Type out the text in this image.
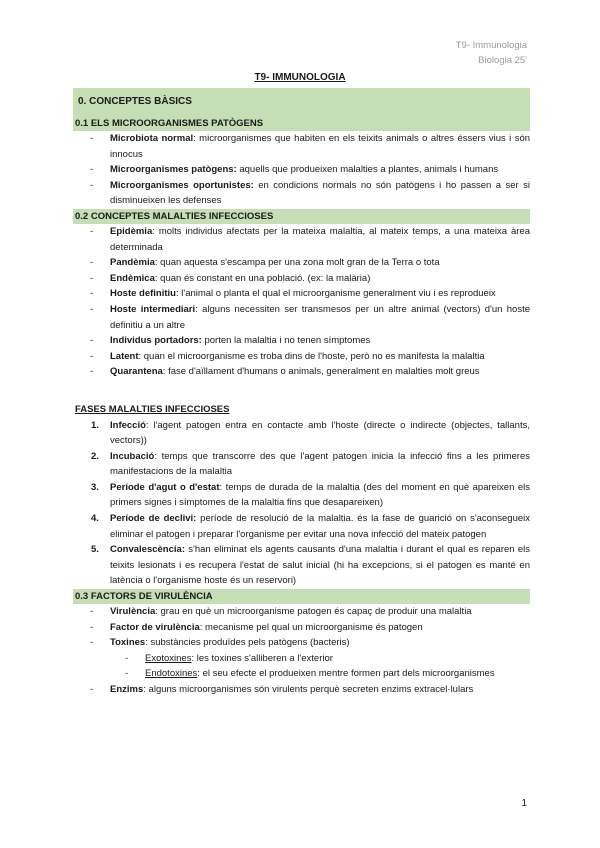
T9- Immunologia
Biologia 25'
T9- IMMUNOLOGIA
0. CONCEPTES BÀSICS
0.1 ELS MICROORGANISMES PATÒGENS
- Microbiota normal: microorganismes que habiten en els teixits animals o altres éssers vius i són innocus
- Microorganismes patògens: aquells que produeixen malalties a plantes, animals i humans
- Microorganismes oportunistes: en condicions normals no són patògens i ho passen a ser si disminueixen les defenses
0.2 CONCEPTES MALALTIES INFECCIOSES
- Epidèmia: molts individus afectats per la mateixa malaltia, al mateix temps, a una mateixa àrea determinada
- Pandèmia: quan aquesta s'escampa per una zona molt gran de la Terra o tota
- Endèmica: quan és constant en una població. (ex: la malària)
- Hoste definitiu: l'animal o planta el qual el microorganisme generalment viu i es reprodueix
- Hoste intermediari: alguns necessiten ser transmesos per un altre animal (vectors) d'un hoste definitiu a un altre
- Individus portadors: porten la malaltia i no tenen símptomes
- Latent: quan el microorganisme es troba dins de l'hoste, però no es manifesta la malaltia
- Quarantena: fase d'aïllament d'humans o animals, generalment en malalties molt greus
FASES MALALTIES INFECCIOSES
1. Infecció: l'agent patogen entra en contacte amb l'hoste (directe o indirecte (objectes, tallants, vectors))
2. Incubació: temps que transcorre des que l'agent patogen inicia la infecció fins a les primeres manifestacions de la malaltia
3. Període d'agut o d'estat: temps de durada de la malaltia (des del moment en què apareixen els primers signes i símptomes de la malaltia fins que desapareixen)
4. Període de declivi: període de resolució de la malaltia. és la fase de guarició on s'aconsegueix eliminar el patogen i preparar l'organisme per evitar una nova infecció del mateix patogen
5. Convalescència: s'han eliminat els agents causants d'una malaltia i durant el qual es reparen els teixits lesionats i es recupera l'estat de salut inicial (hi ha excepcions, si el patogen es manté en latència o l'organisme hoste és un reservori)
0.3 FACTORS DE VIRULÈNCIA
- Virulència: grau en què un microorganisme patogen és capaç de produir una malaltia
- Factor de virulència: mecanisme pel qual un microorganisme és patogen
- Toxines: substàncies produïdes pels patògens (bacteris)
- Exotoxines: les toxines s'alliberen a l'exterior
- Endotoxines: el seu efecte el produeixen mentre formen part dels microorganismes
- Enzims: alguns microorganismes són virulents perquè secreten enzims extracel·lulars
1
